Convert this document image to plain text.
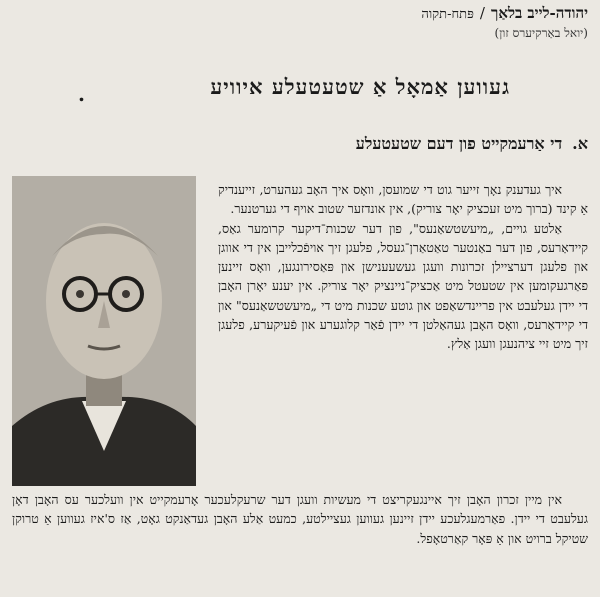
יהודה-לייב בלאַך
/
פּתח-תקוה
(יואל באַרקיערס זון)
געווען אַמאָל אַ שטעטעלע איוויע
.
א.
די אַרעמקייט פון דעם שטעטעלע

איך געדענק נאָך זייער גוט די שמועסן, וואָס איך האָב געהערט, זייענדיק אַ קינד (ברוך מיט זעכציק יאָר צוריק), אין אונדזער שטוב אויף די גערטנער.

אַלטע גויים, „מיעשטשאַנעס", פון דער שכנות־דיקער קרומער גאַס, קיידאַרעס, פון דער באַנטער טאַטאַרן־געסל, פלעגן זיך אויפֿכלייבן אין די אווגן און פלעגן דערציילן זכרונות וועגן געשעענישן און פּאַסירונגען, וואָס זיינען פאַרגעקומען אין שטעטל מיט אַכציק־ניינציק יאָר צוריק. אין יענע יאָרן האָבן די יידן געלעבט אין פריינדשאַפט און גוטע שכנות מיט די „מיעשטשאַנעס" און די קיידאַרעס, וואָס האָבן געהאַלטן די יידן פֿאַר קלוגערע און פֿעיקערע, פלעגן זיך מיט זיי ציהנעגן וועגן אַלץ.

אין מיין זכרון האָבן זיך איינגעקריצט די מעשיות וועגן דער שרעקלעכער אָרעמקייט אין וועלכער עס האָבן דאָן געלעבט די יידן. פאַרמעגלעכע יידן זיינען געווען געציילטע, כמעט אַלע האָבן געדאַנקט גאָט, אַז ס'איז געווען אַ טרוקן שטיקל ברויט און אַ פּאָר קאַרטאָפל.
